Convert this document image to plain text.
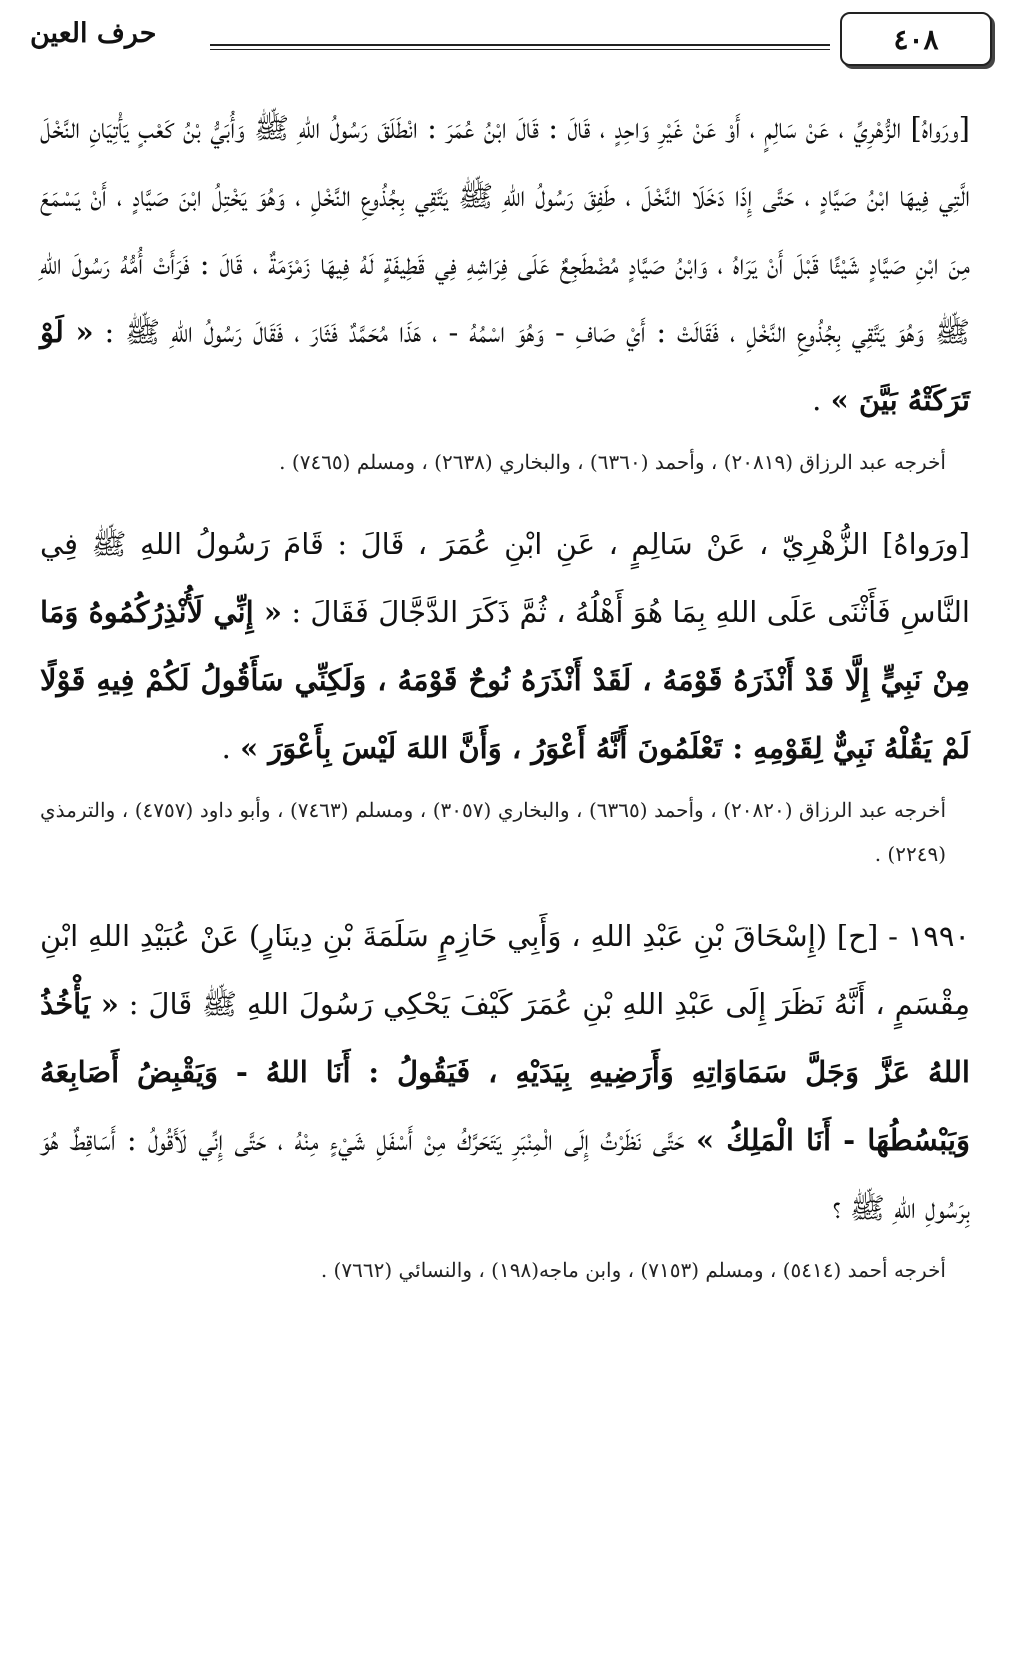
٤٠٨
حرف العين

[ورَواهُ] الزُّهْرِيِّ ، عَنْ سَالِمٍ ، أَوْ عَنْ غَيْرِ وَاحِدٍ ، قَالَ : قَالَ ابْنُ عُمَرَ : انْطَلَقَ رَسُولُ اللهِ ﷺ وَأُبَيُّ بْنُ كَعْبٍ يَأْتِيَانِ النَّخْلَ الَّتِي فِيهَا ابْنُ صَيَّادٍ ، حَتَّى إِذَا دَخَلَا النَّخْلَ ، طَفِقَ رَسُولُ اللهِ ﷺ يَتَّقِي بِجُذُوعِ النَّخْلِ ، وَهُوَ يَخْتِلُ ابْنَ صَيَّادٍ ، أَنْ يَسْمَعَ مِنَ ابْنِ صَيَّادٍ شَيْئًا قَبْلَ أَنْ يَرَاهُ ، وَابْنُ صَيَّادٍ مُضْطَجِعٌ عَلَى فِرَاشِهِ فِي قَطِيفَةٍ لَهُ فِيهَا زَمْزَمَةٌ ، قَالَ : فَرَأَتْ أُمُّهُ رَسُولَ اللهِ ﷺ وَهُوَ يَتَّقِي بِجُذُوعِ النَّخْلِ ، فَقَالَتْ : أَيْ صَافِ - وَهُوَ اسْمُهُ - ، هَذَا مُحَمَّدٌ فَثَارَ ، فَقَالَ رَسُولُ اللهِ ﷺ : « لَوْ تَرَكَتْهُ بَيَّنَ » .

أخرجه عبد الرزاق (٢٠٨١٩) ، وأحمد (٦٣٦٠) ، والبخاري (٢٦٣٨) ، ومسلم (٧٤٦٥) .

[ورَواهُ] الزُّهْرِيّ ، عَنْ سَالِمٍ ، عَنِ ابْنِ عُمَرَ ، قَالَ : قَامَ رَسُولُ اللهِ ﷺ فِي النَّاسِ فَأَثْنَى عَلَى اللهِ بِمَا هُوَ أَهْلُهُ ، ثُمَّ ذَكَرَ الدَّجَّالَ فَقَالَ : « إِنِّي لَأُنْذِرُكُمُوهُ وَمَا مِنْ نَبِيٍّ إِلَّا قَدْ أَنْذَرَهُ قَوْمَهُ ، لَقَدْ أَنْذَرَهُ نُوحٌ قَوْمَهُ ، وَلَكِنِّي سَأَقُولُ لَكُمْ فِيهِ قَوْلًا لَمْ يَقُلْهُ نَبِيٌّ لِقَوْمِهِ : تَعْلَمُونَ أَنَّهُ أَعْوَرُ ، وَأَنَّ اللهَ لَيْسَ بِأَعْوَرَ » .

أخرجه عبد الرزاق (٢٠٨٢٠) ، وأحمد (٦٣٦٥) ، والبخاري (٣٠٥٧) ، ومسلم (٧٤٦٣) ، وأبو داود (٤٧٥٧) ، والترمذي (٢٢٤٩) .

١٩٩٠ - [ح] (إِسْحَاقَ بْنِ عَبْدِ اللهِ ، وَأَبِي حَازِمٍ سَلَمَةَ بْنِ دِينَارٍ) عَنْ عُبَيْدِ اللهِ ابْنِ مِقْسَمٍ ، أَنَّهُ نَظَرَ إِلَى عَبْدِ اللهِ بْنِ عُمَرَ كَيْفَ يَحْكِي رَسُولَ اللهِ ﷺ قَالَ : « يَأْخُذُ اللهُ عَزَّ وَجَلَّ سَمَاوَاتِهِ وَأَرَضِيهِ بِيَدَيْهِ ، فَيَقُولُ : أَنَا اللهُ - وَيَقْبِضُ أَصَابِعَهُ وَيَبْسُطُهَا - أَنَا الْمَلِكُ » حَتَّى نَظَرْتُ إِلَى الْمِنْبَرِ يَتَحَرَّكُ مِنْ أَسْفَلِ شَيْءٍ مِنْهُ ، حَتَّى إِنِّي لَأَقُولُ : أَسَاقِطٌ هُوَ بِرَسُولِ اللهِ ﷺ ؟

أخرجه أحمد (٥٤١٤) ، ومسلم (٧١٥٣) ، وابن ماجه(١٩٨) ، والنسائي (٧٦٦٢) .
